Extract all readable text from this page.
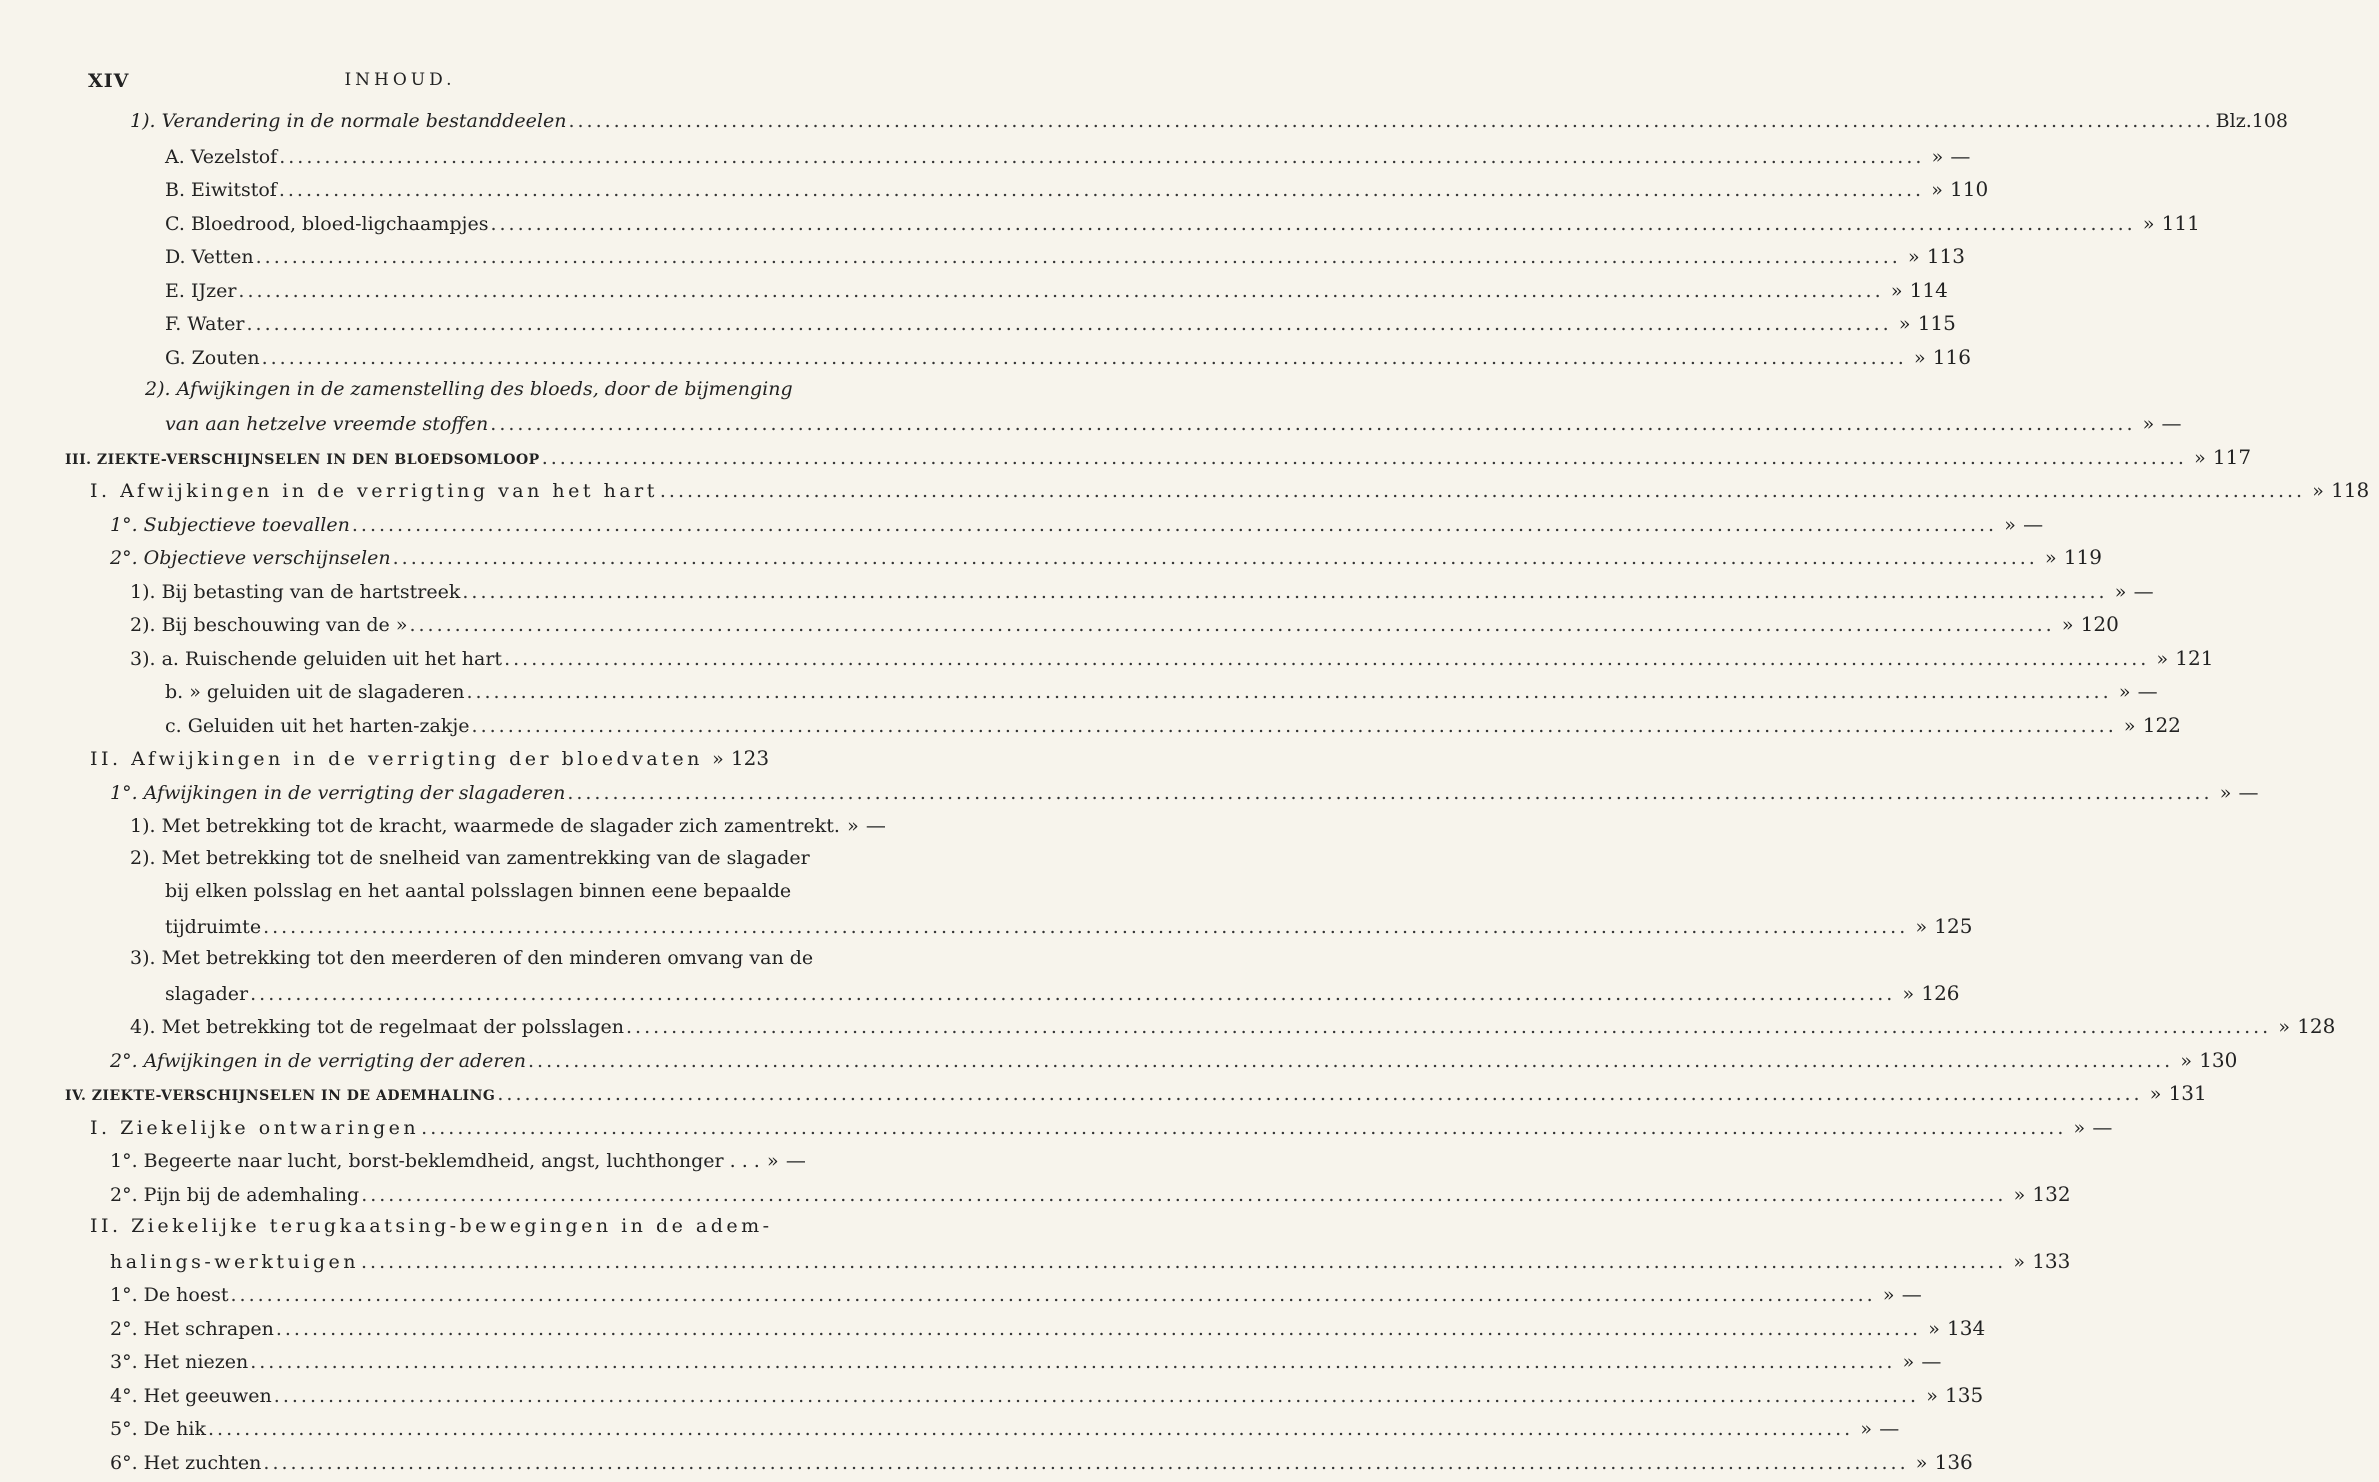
XIV	INHOUD.
1). Verandering in de normale bestanddeelen .....	Blz.108
A. Vezelstof .....	» —
B. Eiwitstof .....	» 110
C. Bloedrood, bloed-ligchaampjes .....	» 111
D. Vetten .....	» 113
E. IJzer .....	» 114
F. Water .....	» 115
G. Zouten .....	» 116
2). Afwijkingen in de zamenstelling des bloeds, door de bijmenging
van aan hetzelve vreemde stoffen .....	» —
III. ZIEKTE-VERSCHIJNSELEN IN DEN BLOEDSOMLOOP .....	» 117
I. Afwijkingen in de verrigting van het hart .....	» 118
1°. Subjectieve toevallen .....	» —
2°. Objectieve verschijnselen .....	» 119
1). Bij betasting van de hartstreek .....	» —
2). Bij beschouwing van de » .....	» 120
3). a. Ruischende geluiden uit het hart .....	» 121
b. » geluiden uit de slagaderen .....	» —
c. Geluiden uit het harten-zakje .....	» 122
II. Afwijkingen in de verrigting der bloedvaten » 123
1°. Afwijkingen in de verrigting der slagaderen .....	» —
1). Met betrekking tot de kracht, waarmede de slagader zich zamentrekt. » —
2). Met betrekking tot de snelheid van zamentrekking van de slagader
bij elken polsslag en het aantal polsslagen binnen eene bepaalde
tijdruimte .....	» 125
3). Met betrekking tot den meerderen of den minderen omvang van de
slagader .....	» 126
4). Met betrekking tot de regelmaat der polsslagen .....	» 128
2°. Afwijkingen in de verrigting der aderen .....	» 130
IV. ZIEKTE-VERSCHIJNSELEN IN DE ADEMHALING .....	» 131
I. Ziekelijke ontwaringen .....	» —
1°. Begeerte naar lucht, borst-beklemdheid, angst, luchthonger . . . » —
2°. Pijn bij de ademhaling .....	» 132
II. Ziekelijke terugkaatsing-bewegingen in de adem-
halings-werktuigen .....	» 133
1°. De hoest .....	» —
2°. Het schrapen .....	» 134
3°. Het niezen .....	» —
4°. Het geeuwen .....	» 135
5°. De hik .....	» —
6°. Het zuchten .....	» 136
